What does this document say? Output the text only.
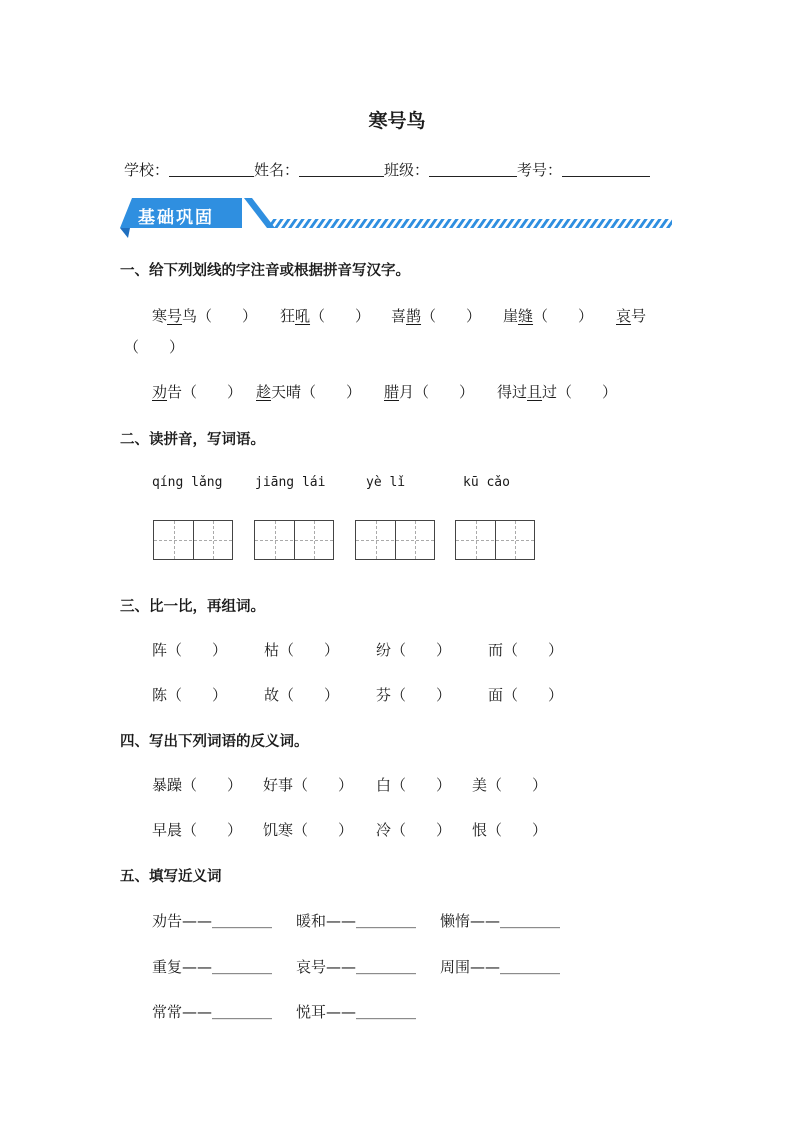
寒号鸟
学校：	姓名：	班级：	考号：
基础巩固
一、给下列划线的字注音或根据拼音写汉字。
寒号鸟（　　） 狂吼（　　） 喜鹊（　　） 崖缝（　　） 哀号
（　　）
劝告（　　） 趁天晴（　　） 腊月（　　） 得过且过（　　）
二、读拼音，写词语。
qíng lǎng	jiāng lái	yè lǐ	kū cǎo
三、比一比，再组词。
阵（　　） 枯（　　） 纷（　　） 而（　　）
陈（　　） 故（　　） 芬（　　） 面（　　）
四、写出下列词语的反义词。
暴躁（　　） 好事（　　） 白（　　） 美（　　）
早晨（　　） 饥寒（　　） 冷（　　） 恨（　　）
五、填写近义词
劝告——＿＿＿＿ 暖和——＿＿＿＿ 懒惰——＿＿＿＿
重复——＿＿＿＿ 哀号——＿＿＿＿ 周围——＿＿＿＿
常常——＿＿＿＿ 悦耳——＿＿＿＿
